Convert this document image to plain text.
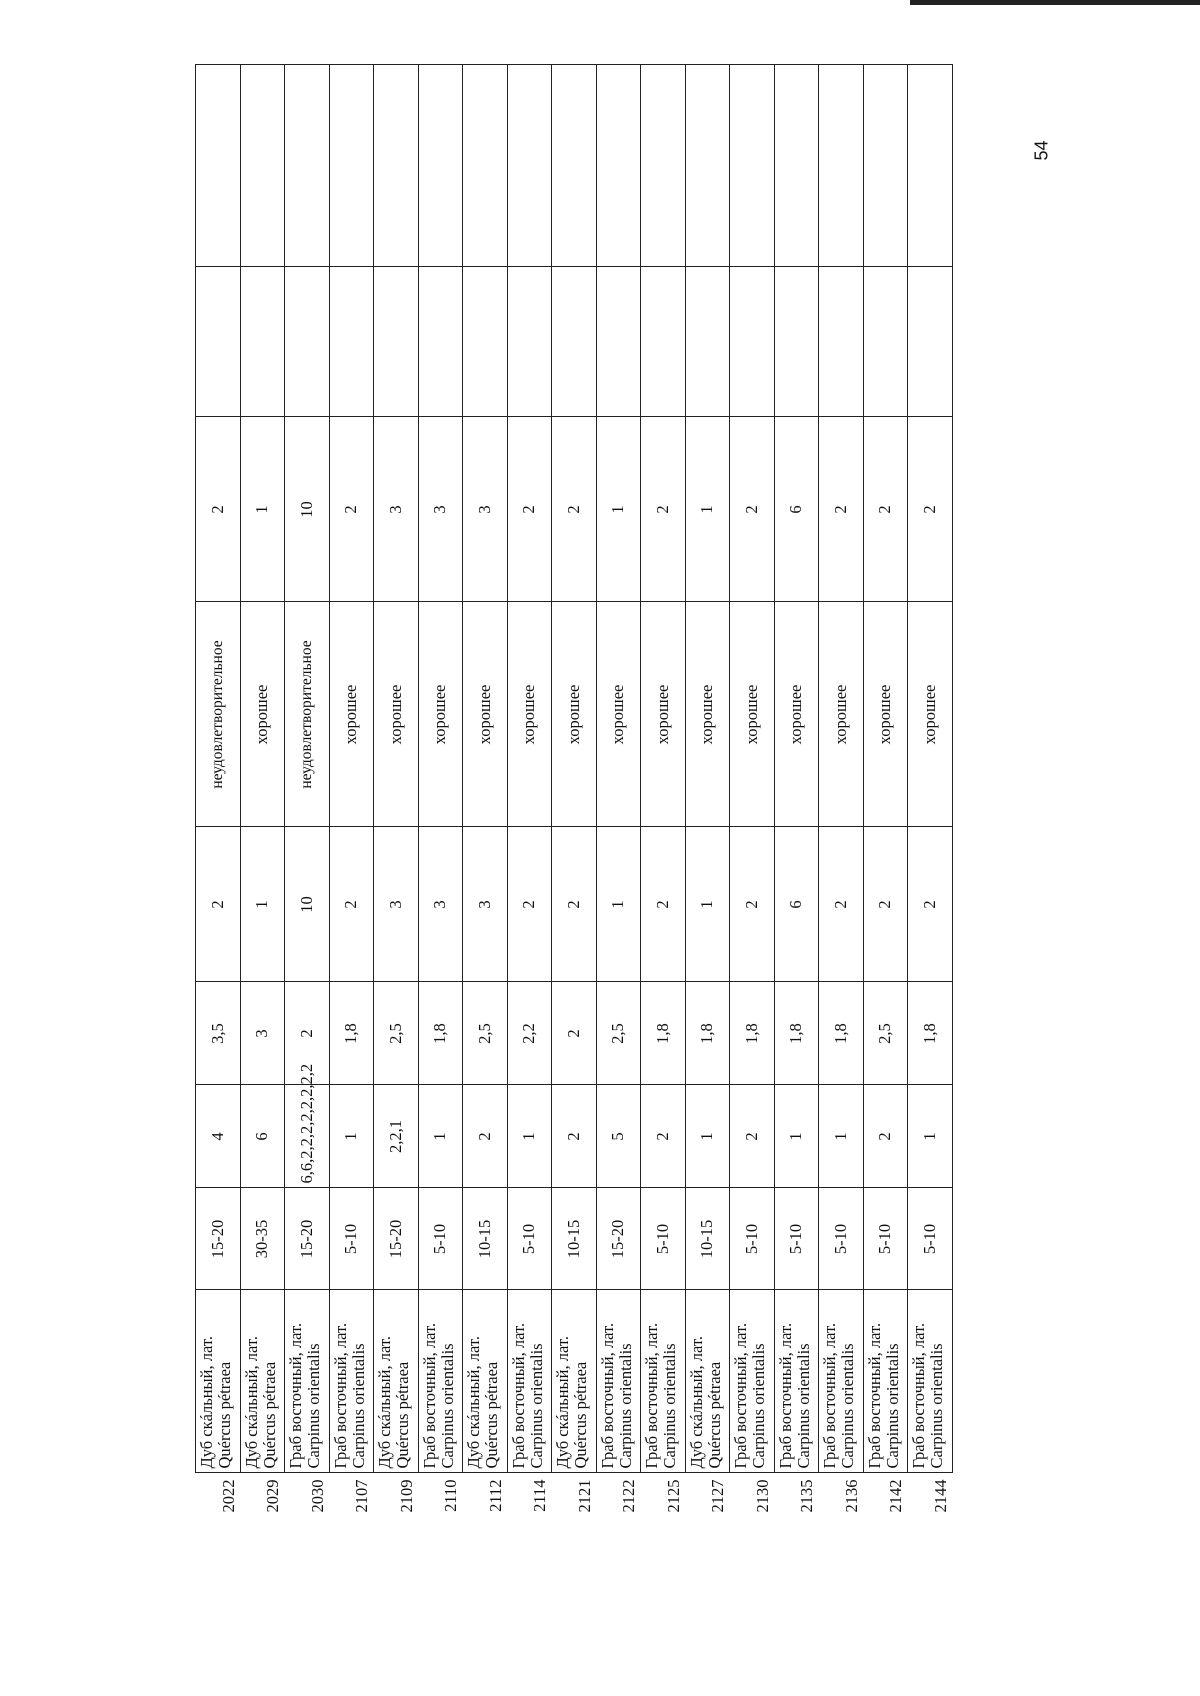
2022	Дуб скáльный, лат. Quércus pétraea	15-20	4	3,5	2	неудовлетворительное	2		
2029	Дуб скáльный, лат. Quércus pétraea	30-35	6	3	1	хорошее	1		
2030	Граб восточный, лат. Carpinus orientalis	15-20	6,6,2,2,2,2,2,2,2,2	2	10	неудовлетворительное	10		
2107	Граб восточный, лат. Carpinus orientalis	5-10	1	1,8	2	хорошее	2		
2109	Дуб скáльный, лат. Quércus pétraea	15-20	2,2,1	2,5	3	хорошее	3		
2110	Граб восточный, лат. Carpinus orientalis	5-10	1	1,8	3	хорошее	3		
2112	Дуб скáльный, лат. Quércus pétraea	10-15	2	2,5	3	хорошее	3		
2114	Граб восточный, лат. Carpinus orientalis	5-10	1	2,2	2	хорошее	2		
2121	Дуб скáльный, лат. Quércus pétraea	10-15	2	2	2	хорошее	2		
2122	Граб восточный, лат. Carpinus orientalis	15-20	5	2,5	1	хорошее	1		
2125	Граб восточный, лат. Carpinus orientalis	5-10	2	1,8	2	хорошее	2		
2127	Дуб скáльный, лат. Quércus pétraea	10-15	1	1,8	1	хорошее	1		
2130	Граб восточный, лат. Carpinus orientalis	5-10	2	1,8	2	хорошее	2		
2135	Граб восточный, лат. Carpinus orientalis	5-10	1	1,8	6	хорошее	6		
2136	Граб восточный, лат. Carpinus orientalis	5-10	1	1,8	2	хорошее	2		
2142	Граб восточный, лат. Carpinus orientalis	5-10	2	2,5	2	хорошее	2		
2144	Граб восточный, лат. Carpinus orientalis	5-10	1	1,8	2	хорошее	2		
54
